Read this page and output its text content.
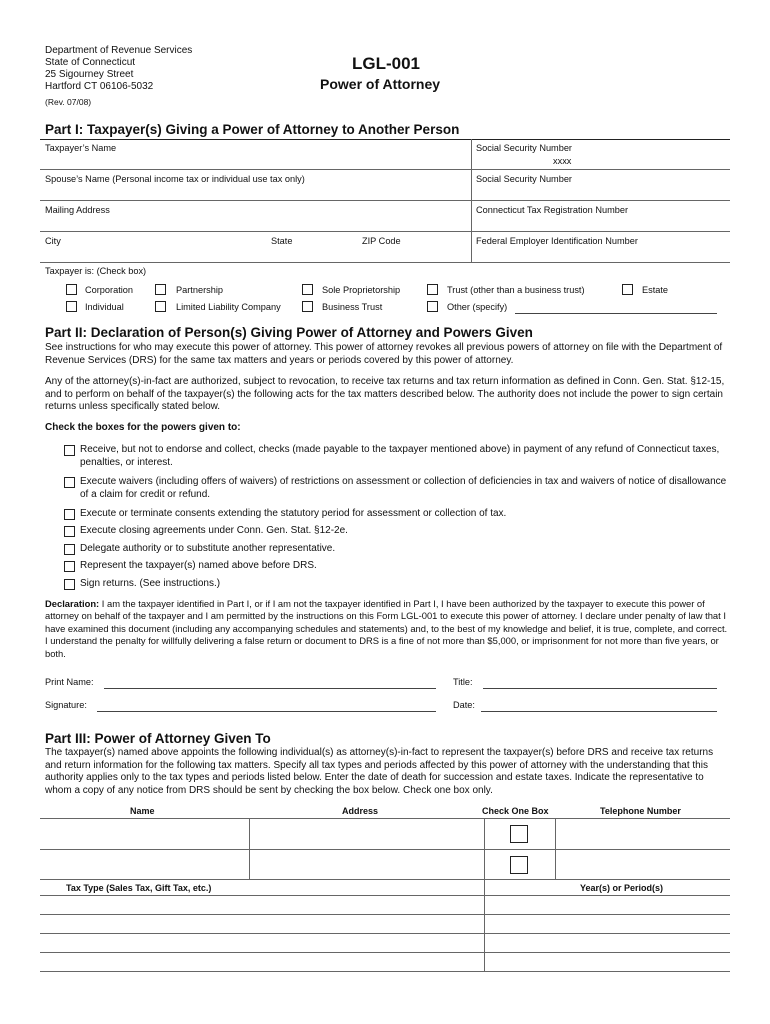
Department of Revenue Services
State of Connecticut
25 Sigourney Street
Hartford CT 06106-5032
(Rev. 07/08)
LGL-001
Power of Attorney
Part I: Taxpayer(s) Giving a Power of Attorney to Another Person
Taxpayer’s Name	Social Security Number
xxxx
Spouse’s Name (Personal income tax or individual use tax only)	Social Security Number
Mailing Address	Connecticut Tax Registration Number
City	State	ZIP Code	Federal Employer Identification Number
Taxpayer is: (Check box)
Corporation	Partnership	Sole Proprietorship	Trust (other than a business trust)	Estate
Individual	Limited Liability Company	Business Trust	Other (specify)
Part II: Declaration of Person(s) Giving Power of Attorney and Powers Given
See instructions for who may execute this power of attorney. This power of attorney revokes all previous powers of attorney on file with the Department of Revenue Services (DRS) for the same tax matters and years or periods covered by this power of attorney.
Any of the attorney(s)-in-fact are authorized, subject to revocation, to receive tax returns and tax return information as defined in Conn. Gen. Stat. §12-15, and to perform on behalf of the taxpayer(s) the following acts for the tax matters described below. The authority does not include the power to sign certain returns unless specifically stated below.
Check the boxes for the powers given to:
Receive, but not to endorse and collect, checks (made payable to the taxpayer mentioned above) in payment of any refund of Connecticut taxes, penalties, or interest.
Execute waivers (including offers of waivers) of restrictions on assessment or collection of deficiencies in tax and waivers of notice of disallowance of a claim for credit or refund.
Execute or terminate consents extending the statutory period for assessment or collection of tax.
Execute closing agreements under Conn. Gen. Stat. §12-2e.
Delegate authority or to substitute another representative.
Represent the taxpayer(s) named above before DRS.
Sign returns. (See instructions.)
Declaration: I am the taxpayer identified in Part I, or if I am not the taxpayer identified in Part I, I have been authorized by the taxpayer to execute this power of attorney on behalf of the taxpayer and I am permitted by the instructions on this Form LGL-001 to execute this power of attorney. I declare under penalty of law that I have examined this document (including any accompanying schedules and statements) and, to the best of my knowledge and belief, it is true, complete, and correct. I understand the penalty for willfully delivering a false return or document to DRS is a fine of not more than $5,000, or imprisonment for not more than five years, or both.
Print Name:	Title:
Signature:	Date:
Part III: Power of Attorney Given To
The taxpayer(s) named above appoints the following individual(s) as attorney(s)-in-fact to represent the taxpayer(s) before DRS and receive tax returns and return information for the following tax matters. Specify all tax types and periods affected by this power of attorney with the understanding that this authority applies only to the tax types and periods listed below. Enter the date of death for succession and estate taxes. Indicate the representative to whom a copy of any notice from DRS should be sent by checking the box below. Check one box only.
Name	Address	Check One Box	Telephone Number
Tax Type (Sales Tax, Gift Tax, etc.)	Year(s) or Period(s)
